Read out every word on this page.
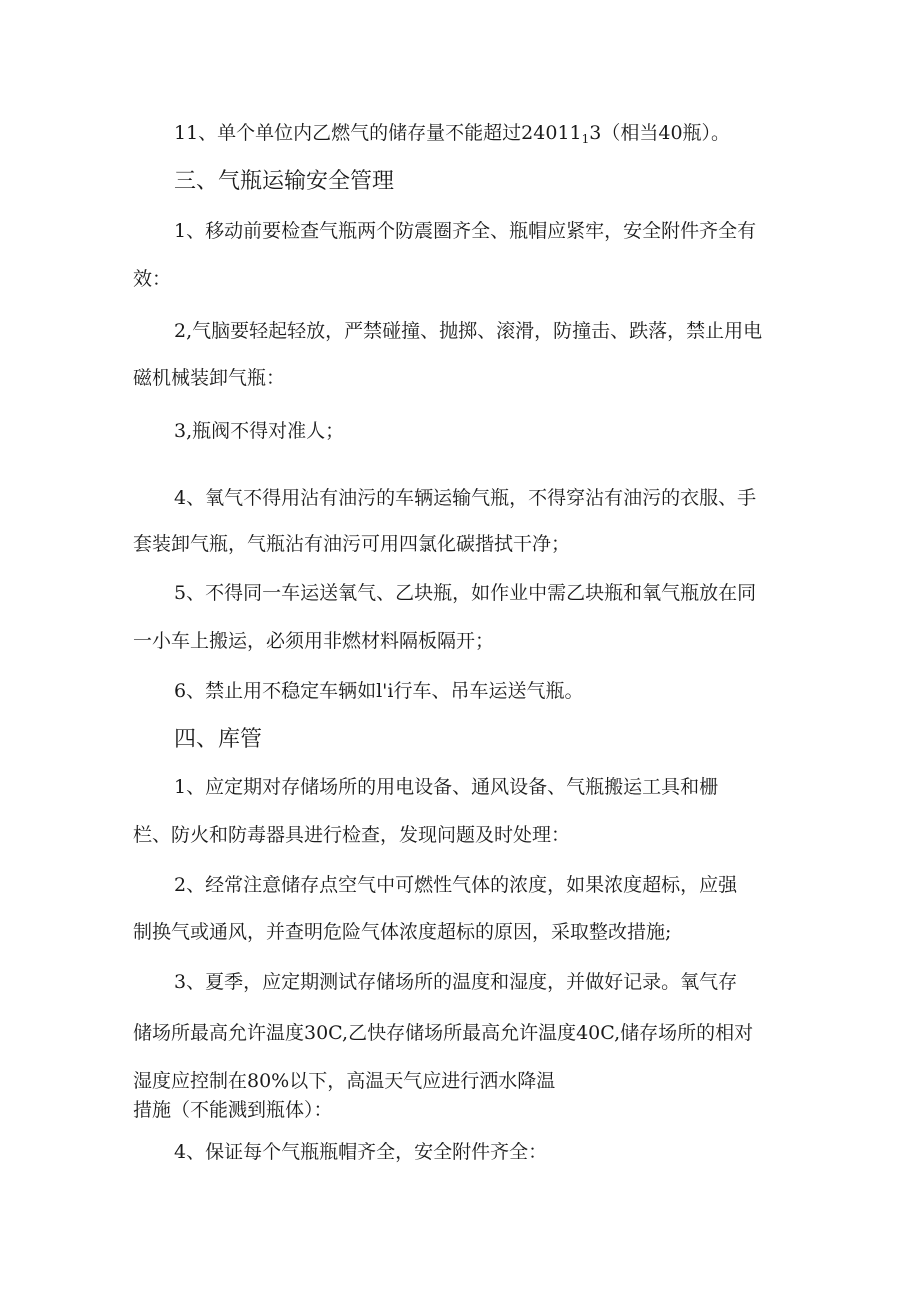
11、单个单位内乙燃气的储存量不能超过$24011_13$（相当40瓶）。
三、气瓶运输安全管理
1、移动前要检查气瓶两个防震圈齐全、瓶帽应紧牢，安全附件齐全有
效：
2,气脑要轻起轻放，严禁碰撞、抛掷、滚滑，防撞击、跌落，禁止用电
磁机械装卸气瓶：
3,瓶阀不得对准人；
4、氧气不得用沾有油污的车辆运输气瓶，不得穿沾有油污的衣服、手
套装卸气瓶，气瓶沾有油污可用四氯化碳揩拭干净；
5、不得同一车运送氧气、乙块瓶，如作业中需乙块瓶和氧气瓶放在同
一小车上搬运，必须用非燃材料隔板隔开；
6、禁止用不稳定车辆如l'i行车、吊车运送气瓶。
四、库管
1、应定期对存储场所的用电设备、通风设备、气瓶搬运工具和栅
栏、防火和防毒器具进行检查，发现问题及时处理：
2、经常注意储存点空气中可燃性气体的浓度，如果浓度超标，应强
制换气或通风，并查明危险气体浓度超标的原因，采取整改措施;
3、夏季，应定期测试存储场所的温度和湿度，并做好记录。氧气存
储场所最高允许温度30C,乙快存储场所最高允许温度40C,储存场所的相对
湿度应控制在80%以下，高温天气应进行洒水降温
措施（不能溅到瓶体）：
4、保证每个气瓶瓶帽齐全，安全附件齐全：
